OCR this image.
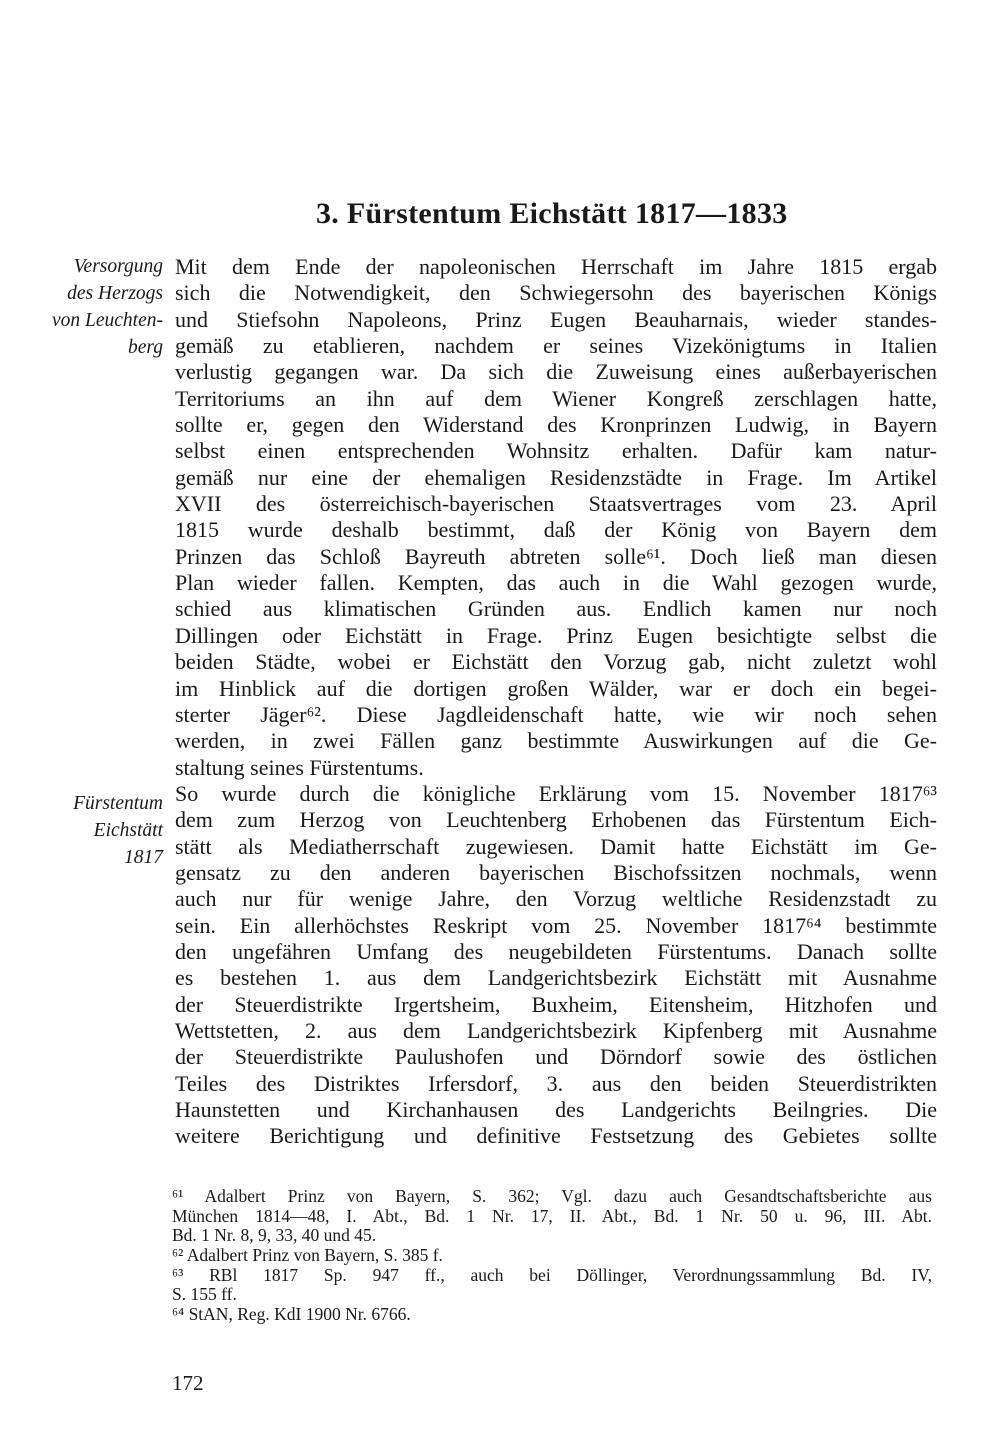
3. Fürstentum Eichstätt 1817—1833
Versorgung
des Herzogs
von Leuchten-
berg
Fürstentum
Eichstätt
1817
Mit dem Ende der napoleonischen Herrschaft im Jahre 1815 ergab
sich die Notwendigkeit, den Schwiegersohn des bayerischen Königs
und Stiefsohn Napoleons, Prinz Eugen Beauharnais, wieder standes-
gemäß zu etablieren, nachdem er seines Vizekönigtums in Italien
verlustig gegangen war. Da sich die Zuweisung eines außerbayerischen
Territoriums an ihn auf dem Wiener Kongreß zerschlagen hatte,
sollte er, gegen den Widerstand des Kronprinzen Ludwig, in Bayern
selbst einen entsprechenden Wohnsitz erhalten. Dafür kam natur-
gemäß nur eine der ehemaligen Residenzstädte in Frage. Im Artikel
XVII des österreichisch-bayerischen Staatsvertrages vom 23. April
1815 wurde deshalb bestimmt, daß der König von Bayern dem
Prinzen das Schloß Bayreuth abtreten solle⁶¹. Doch ließ man diesen
Plan wieder fallen. Kempten, das auch in die Wahl gezogen wurde,
schied aus klimatischen Gründen aus. Endlich kamen nur noch
Dillingen oder Eichstätt in Frage. Prinz Eugen besichtigte selbst die
beiden Städte, wobei er Eichstätt den Vorzug gab, nicht zuletzt wohl
im Hinblick auf die dortigen großen Wälder, war er doch ein begei-
sterter Jäger⁶². Diese Jagdleidenschaft hatte, wie wir noch sehen
werden, in zwei Fällen ganz bestimmte Auswirkungen auf die Ge-
staltung seines Fürstentums.
So wurde durch die königliche Erklärung vom 15. November 1817⁶³
dem zum Herzog von Leuchtenberg Erhobenen das Fürstentum Eich-
stätt als Mediatherrschaft zugewiesen. Damit hatte Eichstätt im Ge-
gensatz zu den anderen bayerischen Bischofssitzen nochmals, wenn
auch nur für wenige Jahre, den Vorzug weltliche Residenzstadt zu
sein. Ein allerhöchstes Reskript vom 25. November 1817⁶⁴ bestimmte
den ungefähren Umfang des neugebildeten Fürstentums. Danach sollte
es bestehen 1. aus dem Landgerichtsbezirk Eichstätt mit Ausnahme
der Steuerdistrikte Irgertsheim, Buxheim, Eitensheim, Hitzhofen und
Wettstetten, 2. aus dem Landgerichtsbezirk Kipfenberg mit Ausnahme
der Steuerdistrikte Paulushofen und Dörndorf sowie des östlichen
Teiles des Distriktes Irfersdorf, 3. aus den beiden Steuerdistrikten
Haunstetten und Kirchanhausen des Landgerichts Beilngries. Die
weitere Berichtigung und definitive Festsetzung des Gebietes sollte
⁶¹ Adalbert Prinz von Bayern, S. 362; Vgl. dazu auch Gesandtschaftsberichte aus
München 1814—48, I. Abt., Bd. 1 Nr. 17, II. Abt., Bd. 1 Nr. 50 u. 96, III. Abt.
Bd. 1 Nr. 8, 9, 33, 40 und 45.
⁶² Adalbert Prinz von Bayern, S. 385 f.
⁶³ RBl 1817 Sp. 947 ff., auch bei Döllinger, Verordnungssammlung Bd. IV,
S. 155 ff.
⁶⁴ StAN, Reg. KdI 1900 Nr. 6766.
172
